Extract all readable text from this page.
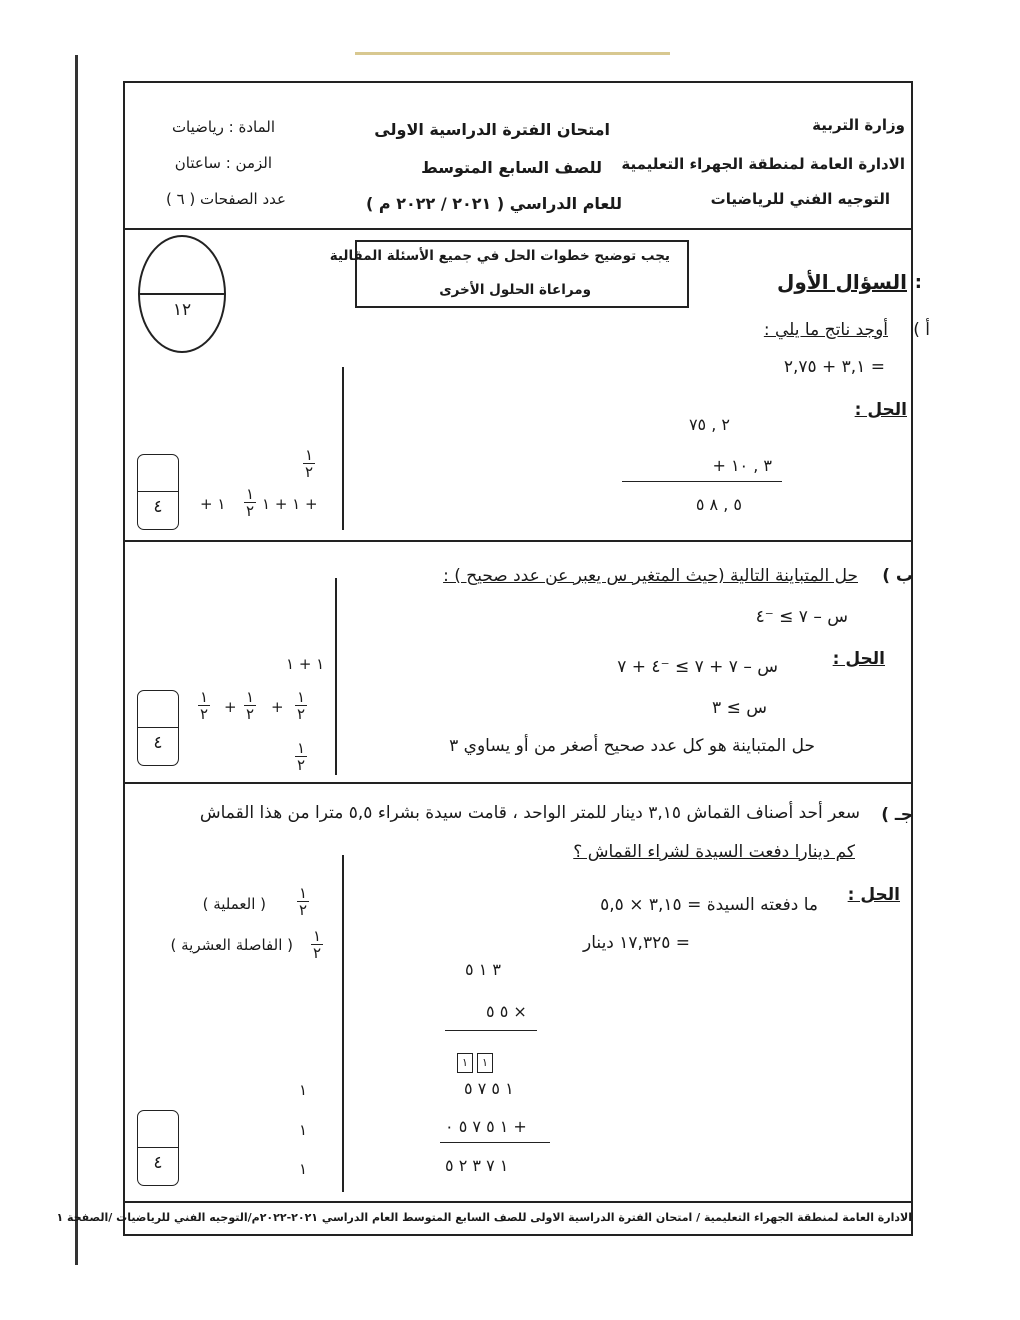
وزارة التربية
الادارة العامة لمنطقة الجهراء التعليمية
التوجيه الفني للرياضيات
امتحان الفترة الدراسية الاولى
للصف السابع المتوسط
للعام الدراسي ( ٢٠٢١ / ٢٠٢٢ م )
المادة : رياضيات
الزمن : ساعتان
عدد الصفحات ( ٦ )
يجب توضيح خطوات الحل في جميع الأسئلة المقالية
ومراعاة الحلول الأخرى
١٢
السؤال الأول :
أ )
أوجد ناتج ما يلي :
= ٣,١ + ٢,٧٥
الحل :
٢ , ٧٥
٣ , ١٠ +
٥ , ٨ ٥
١
٢
+ ١
١
٢ ١ + ١ +
٤
ب )
حل المتباينة التالية (حيث المتغير س يعبر عن عدد صحيح ) :
س – ٧ ≥ ⁻٤
الحل :
س – ٧ + ٧ ≥ ⁻٤ + ٧
س ≥ ٣
حل المتباينة هو كل عدد صحيح أصغر من أو يساوي ٣
١ + ١
١
٢ +
١
٢ +
١
٢
١
٢
٤
جـ )
سعر أحد أصناف القماش ٣,١٥ دينار للمتر الواحد ، قامت سيدة بشراء ٥,٥ مترا من هذا القماش
كم دينارا دفعت السيدة لشراء القماش ؟
الحل :
ما دفعته السيدة = ٣,١٥ × ٥,٥
= ١٧,٣٢٥ دينار
٣ ١ ٥
٥ ٥ ×
١	١
١ ٥ ٧ ٥
١ ٥ ٧ ٥ ٠ +
١ ٧ ٣ ٢ ٥
١
٢
( العملية )
١
٢
( الفاصلة العشرية )
١
١
١
٤
الادارة العامة لمنطقة الجهراء التعليمية / امتحان الفترة الدراسية الاولى للصف السابع المتوسط العام الدراسي ٢٠٢١-٢٠٢٢م/التوجيه الفني للرياضيات /الصفحة ١
